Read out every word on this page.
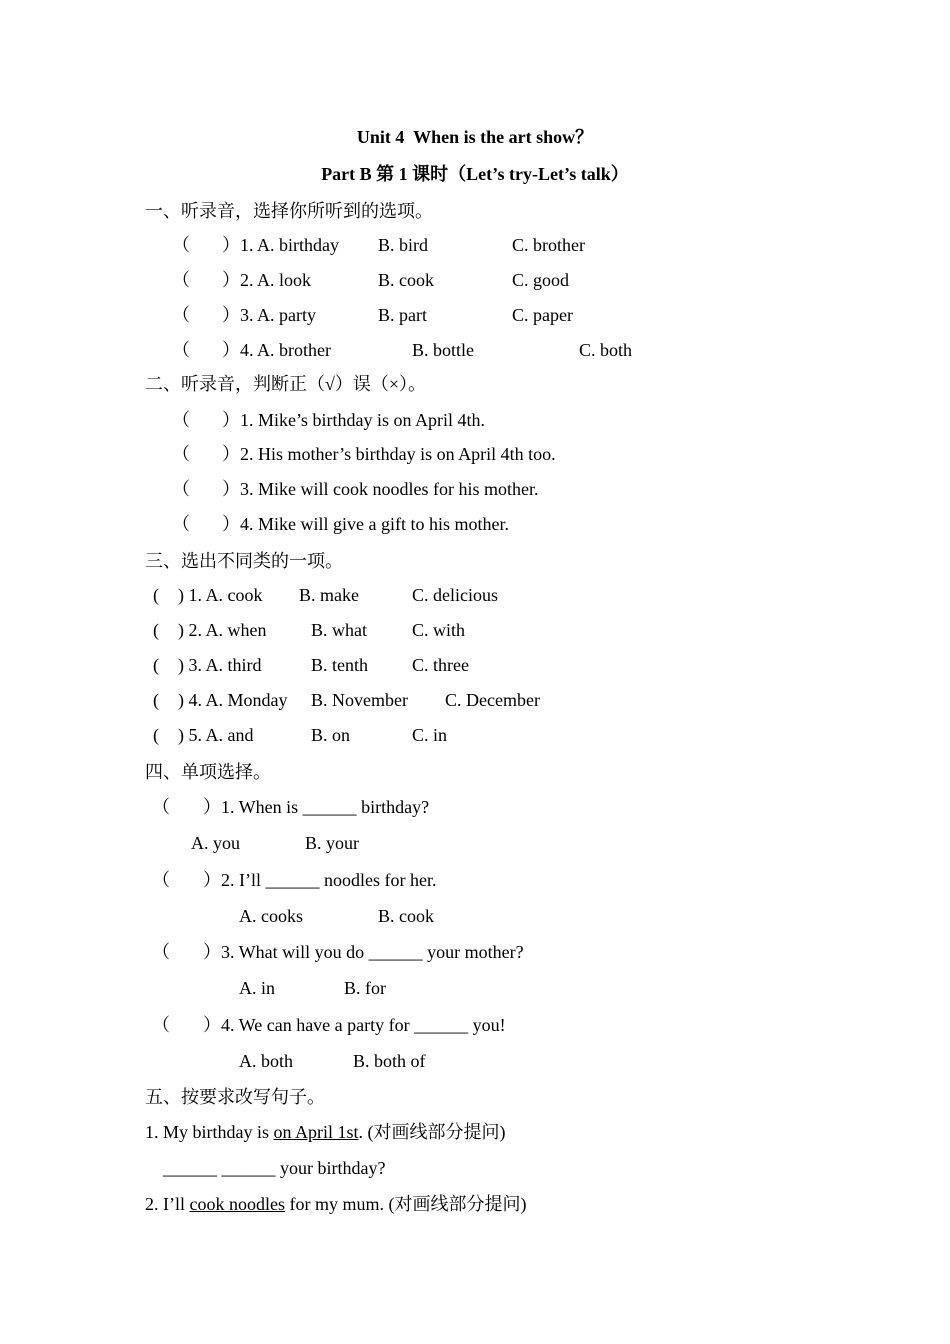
Unit 4  When is the art show？
Part B 第 1 课时（Let’s try-Let’s talk）
一、听录音，选择你所听到的选项。
（ ）1. A. birthday B. bird	C. brother
（ ）2. A. look	B. cook	C. good
（ ）3. A. party	B. part	C. paper
（ ）4. A. brother	B. bottle	C. both
二、听录音，判断正（√）误（×）。
（ ）1. Mike’s birthday is on April 4th.
（ ）2. His mother’s birthday is on April 4th too.
（ ）3. Mike will cook noodles for his mother.
（ ）4. Mike will give a gift to his mother.
三、选出不同类的一项。
( ) 1. A. cook B. make	C. delicious
( ) 2. A. when B. what	C. with
( ) 3. A. third	B. tenth C. three
( ) 4. A. Monday B. November C. December
( ) 5. A. and	B. on	C. in
四、单项选择。
（ ）1. When is ______ birthday?
A. you	B. your
（ ）2. I’ll ______ noodles for her.
A. cooks	B. cook
（ ）3. What will you do ______ your mother?
A. in	B. for
（ ）4. We can have a party for ______ you!
A. both	B. both of
五、按要求改写句子。
1. My birthday is on April 1st. (对画线部分提问)
______ ______ your birthday?
2. I’ll cook noodles for my mum. (对画线部分提问)
